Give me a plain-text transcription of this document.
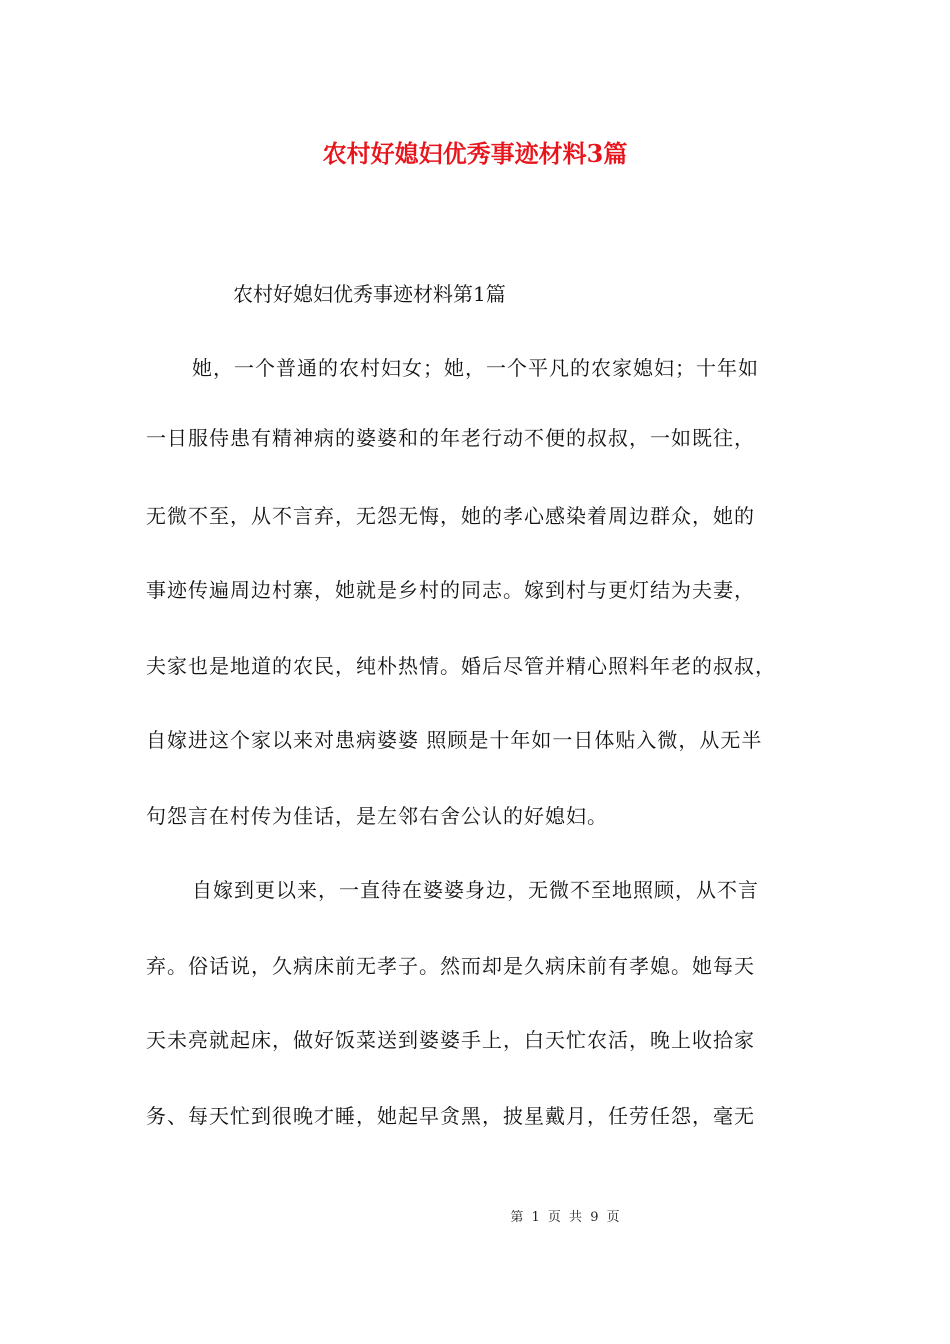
农村好媳妇优秀事迹材料3篇

农村好媳妇优秀事迹材料第1篇

她，一个普通的农村妇女；她，一个平凡的农家媳妇；十年如

一日服侍患有精神病的婆婆和的年老行动不便的叔叔，一如既往，

无微不至，从不言弃，无怨无悔，她的孝心感染着周边群众，她的

事迹传遍周边村寨，她就是乡村的同志。嫁到村与更灯结为夫妻，

夫家也是地道的农民，纯朴热情。婚后尽管并精心照料年老的叔叔，

自嫁进这个家以来对患病婆婆 照顾是十年如一日体贴入微，从无半

句怨言在村传为佳话，是左邻右舍公认的好媳妇。

自嫁到更以来，一直待在婆婆身边，无微不至地照顾，从不言

弃。俗话说，久病床前无孝子。然而却是久病床前有孝媳。她每天

天未亮就起床，做好饭菜送到婆婆手上，白天忙农活，晚上收拾家

务、每天忙到很晚才睡，她起早贪黑，披星戴月，任劳任怨，毫无

第 1 页 共 9 页
